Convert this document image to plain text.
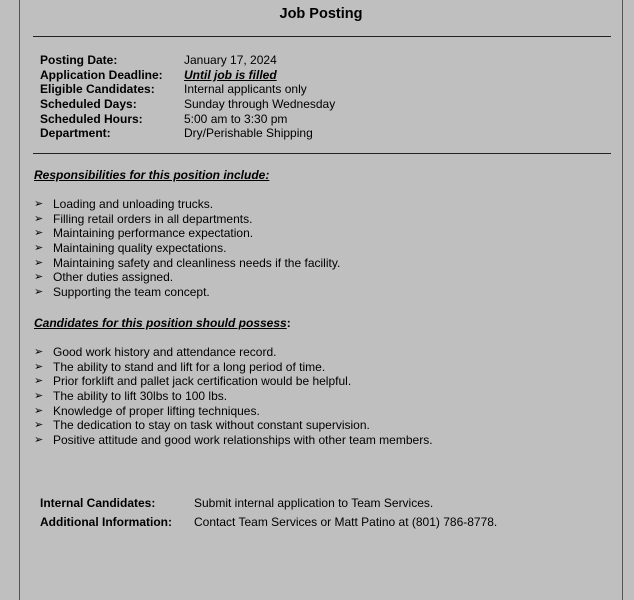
Job Posting
Posting Date:	January 17, 2024
Application Deadline:	Until job is filled
Eligible Candidates:	Internal applicants only
Scheduled Days:	Sunday through Wednesday
Scheduled Hours:	5:00 am to 3:30 pm
Department:	Dry/Perishable Shipping
Responsibilities for this position include:
➢ Loading and unloading trucks.
➢ Filling retail orders in all departments.
➢ Maintaining performance expectation.
➢ Maintaining quality expectations.
➢ Maintaining safety and cleanliness needs if the facility.
➢ Other duties assigned.
➢ Supporting the team concept.
Candidates for this position should possess:
➢ Good work history and attendance record.
➢ The ability to stand and lift for a long period of time.
➢ Prior forklift and pallet jack certification would be helpful.
➢ The ability to lift 30lbs to 100 lbs.
➢ Knowledge of proper lifting techniques.
➢ The dedication to stay on task without constant supervision.
➢ Positive attitude and good work relationships with other team members.
Internal Candidates:	Submit internal application to Team Services.
Additional Information:	Contact Team Services or Matt Patino at (801) 786-8778.
